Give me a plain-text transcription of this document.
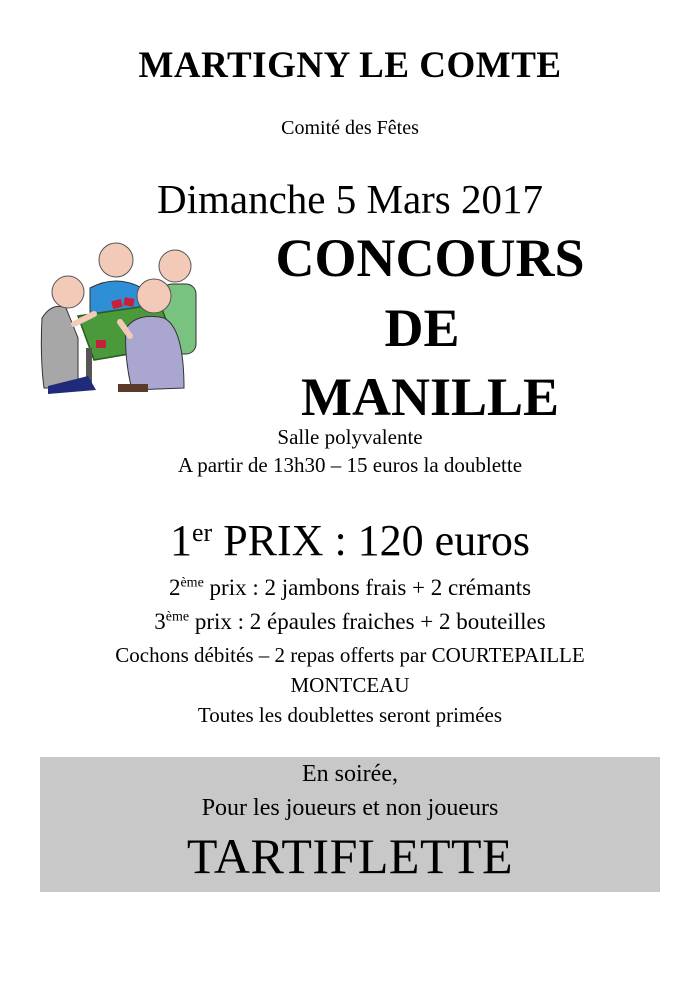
MARTIGNY LE COMTE
Comité des Fêtes
Dimanche 5 Mars 2017
CONCOURS
DE
MANILLE
Salle polyvalente
A partir de 13h30 – 15 euros la doublette
1er PRIX : 120 euros
2ème prix : 2 jambons frais + 2 crémants
3ème prix : 2 épaules fraiches + 2 bouteilles
Cochons débités – 2 repas offerts par COURTEPAILLE
MONTCEAU
Toutes les doublettes seront primées
En soirée,
Pour les joueurs et non joueurs
TARTIFLETTE
